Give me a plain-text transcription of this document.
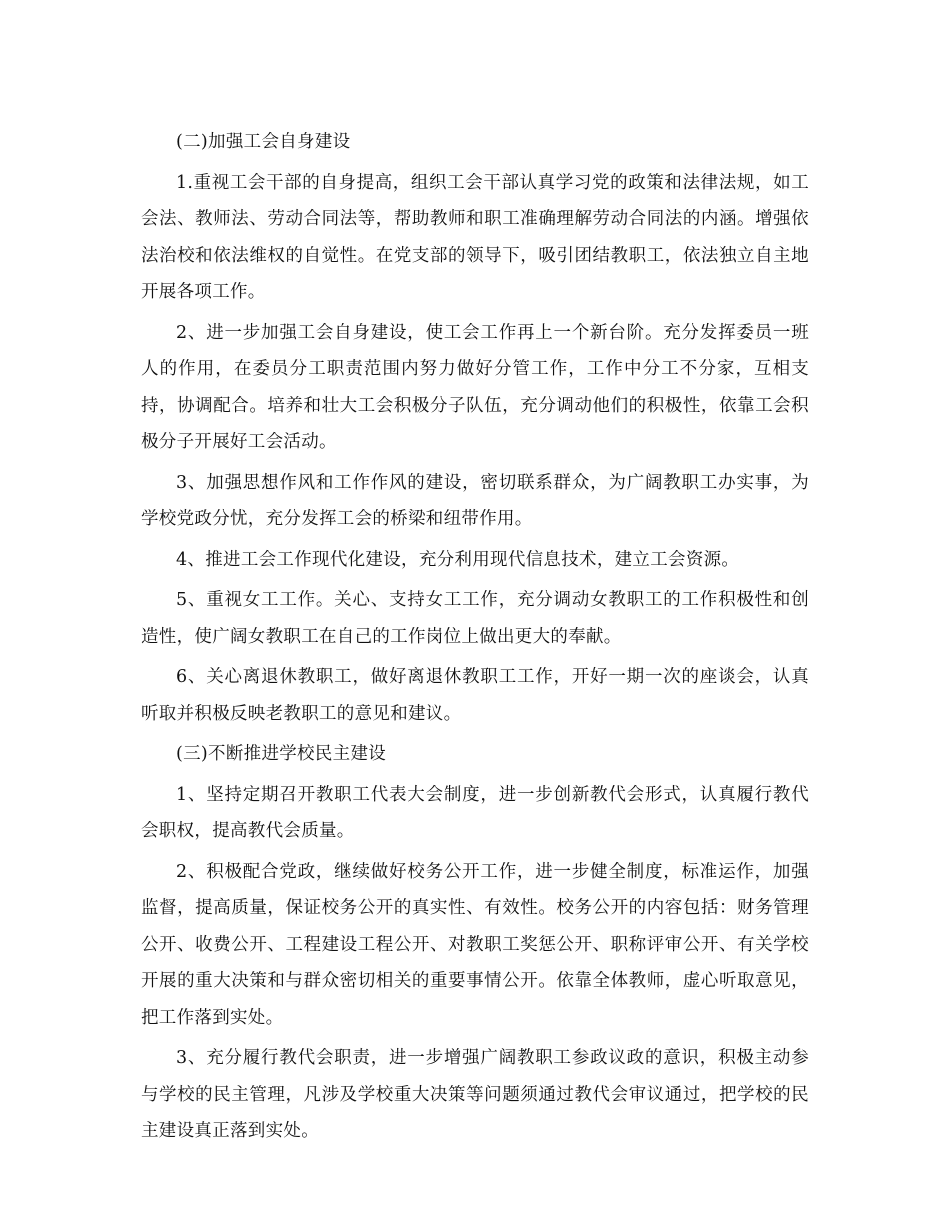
(二)加强工会自身建设

1.重视工会干部的自身提高，组织工会干部认真学习党的政策和法律法规，如工会法、教师法、劳动合同法等，帮助教师和职工准确理解劳动合同法的内涵。增强依法治校和依法维权的自觉性。在党支部的领导下，吸引团结教职工，依法独立自主地开展各项工作。

2、进一步加强工会自身建设，使工会工作再上一个新台阶。充分发挥委员一班人的作用，在委员分工职责范围内努力做好分管工作，工作中分工不分家，互相支持，协调配合。培养和壮大工会积极分子队伍，充分调动他们的积极性，依靠工会积极分子开展好工会活动。

3、加强思想作风和工作作风的建设，密切联系群众，为广阔教职工办实事，为学校党政分忧，充分发挥工会的桥梁和纽带作用。

4、推进工会工作现代化建设，充分利用现代信息技术，建立工会资源。

5、重视女工工作。关心、支持女工工作，充分调动女教职工的工作积极性和创造性，使广阔女教职工在自己的工作岗位上做出更大的奉献。

6、关心离退休教职工，做好离退休教职工工作，开好一期一次的座谈会，认真听取并积极反映老教职工的意见和建议。

(三)不断推进学校民主建设

1、坚持定期召开教职工代表大会制度，进一步创新教代会形式，认真履行教代会职权，提高教代会质量。

2、积极配合党政，继续做好校务公开工作，进一步健全制度，标准运作，加强监督，提高质量，保证校务公开的真实性、有效性。校务公开的内容包括：财务管理公开、收费公开、工程建设工程公开、对教职工奖惩公开、职称评审公开、有关学校开展的重大决策和与群众密切相关的重要事情公开。依靠全体教师，虚心听取意见，把工作落到实处。

3、充分履行教代会职责，进一步增强广阔教职工参政议政的意识，积极主动参与学校的民主管理，凡涉及学校重大决策等问题须通过教代会审议通过，把学校的民主建设真正落到实处。
